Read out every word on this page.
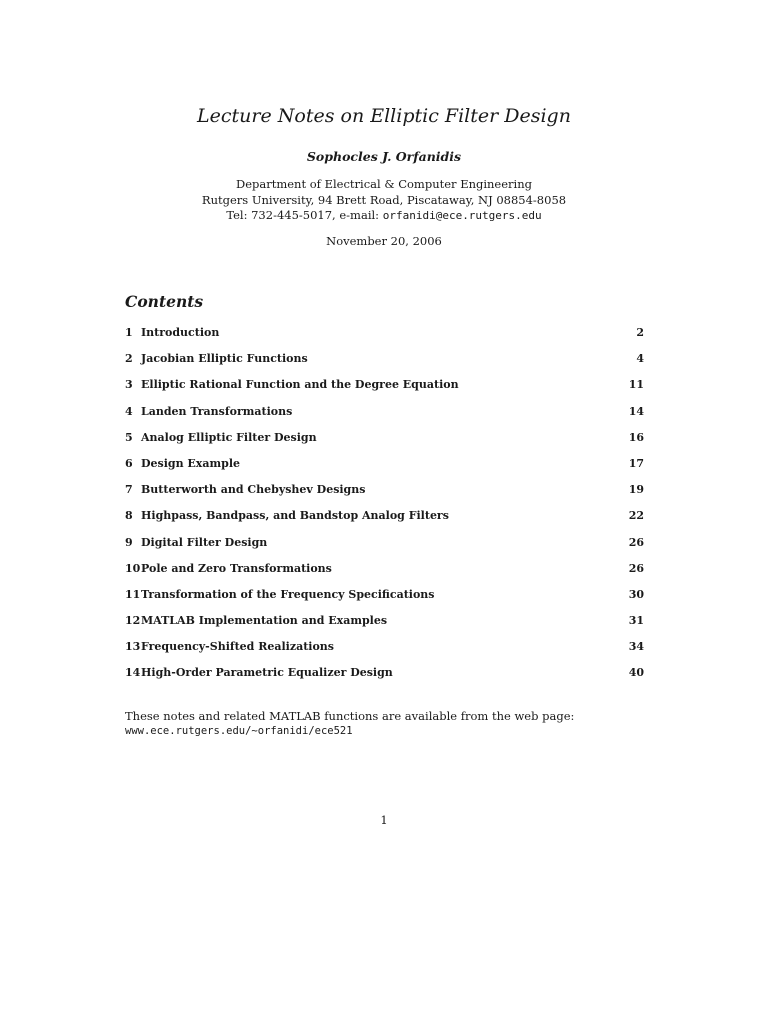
Lecture Notes on Elliptic Filter Design
Sophocles J. Orfanidis
Department of Electrical & Computer Engineering
Rutgers University, 94 Brett Road, Piscataway, NJ 08854-8058
Tel: 732-445-5017, e-mail: orfanidi@ece.rutgers.edu
November 20, 2006
Contents
1 Introduction	2
2 Jacobian Elliptic Functions	4
3 Elliptic Rational Function and the Degree Equation	11
4 Landen Transformations	14
5 Analog Elliptic Filter Design	16
6 Design Example	17
7 Butterworth and Chebyshev Designs	19
8 Highpass, Bandpass, and Bandstop Analog Filters	22
9 Digital Filter Design	26
10Pole and Zero Transformations	26
11Transformation of the Frequency Specifications	30
12MATLAB Implementation and Examples	31
13Frequency-Shifted Realizations	34
14High-Order Parametric Equalizer Design	40
These notes and related MATLAB functions are available from the web page:
www.ece.rutgers.edu/~orfanidi/ece521
1
